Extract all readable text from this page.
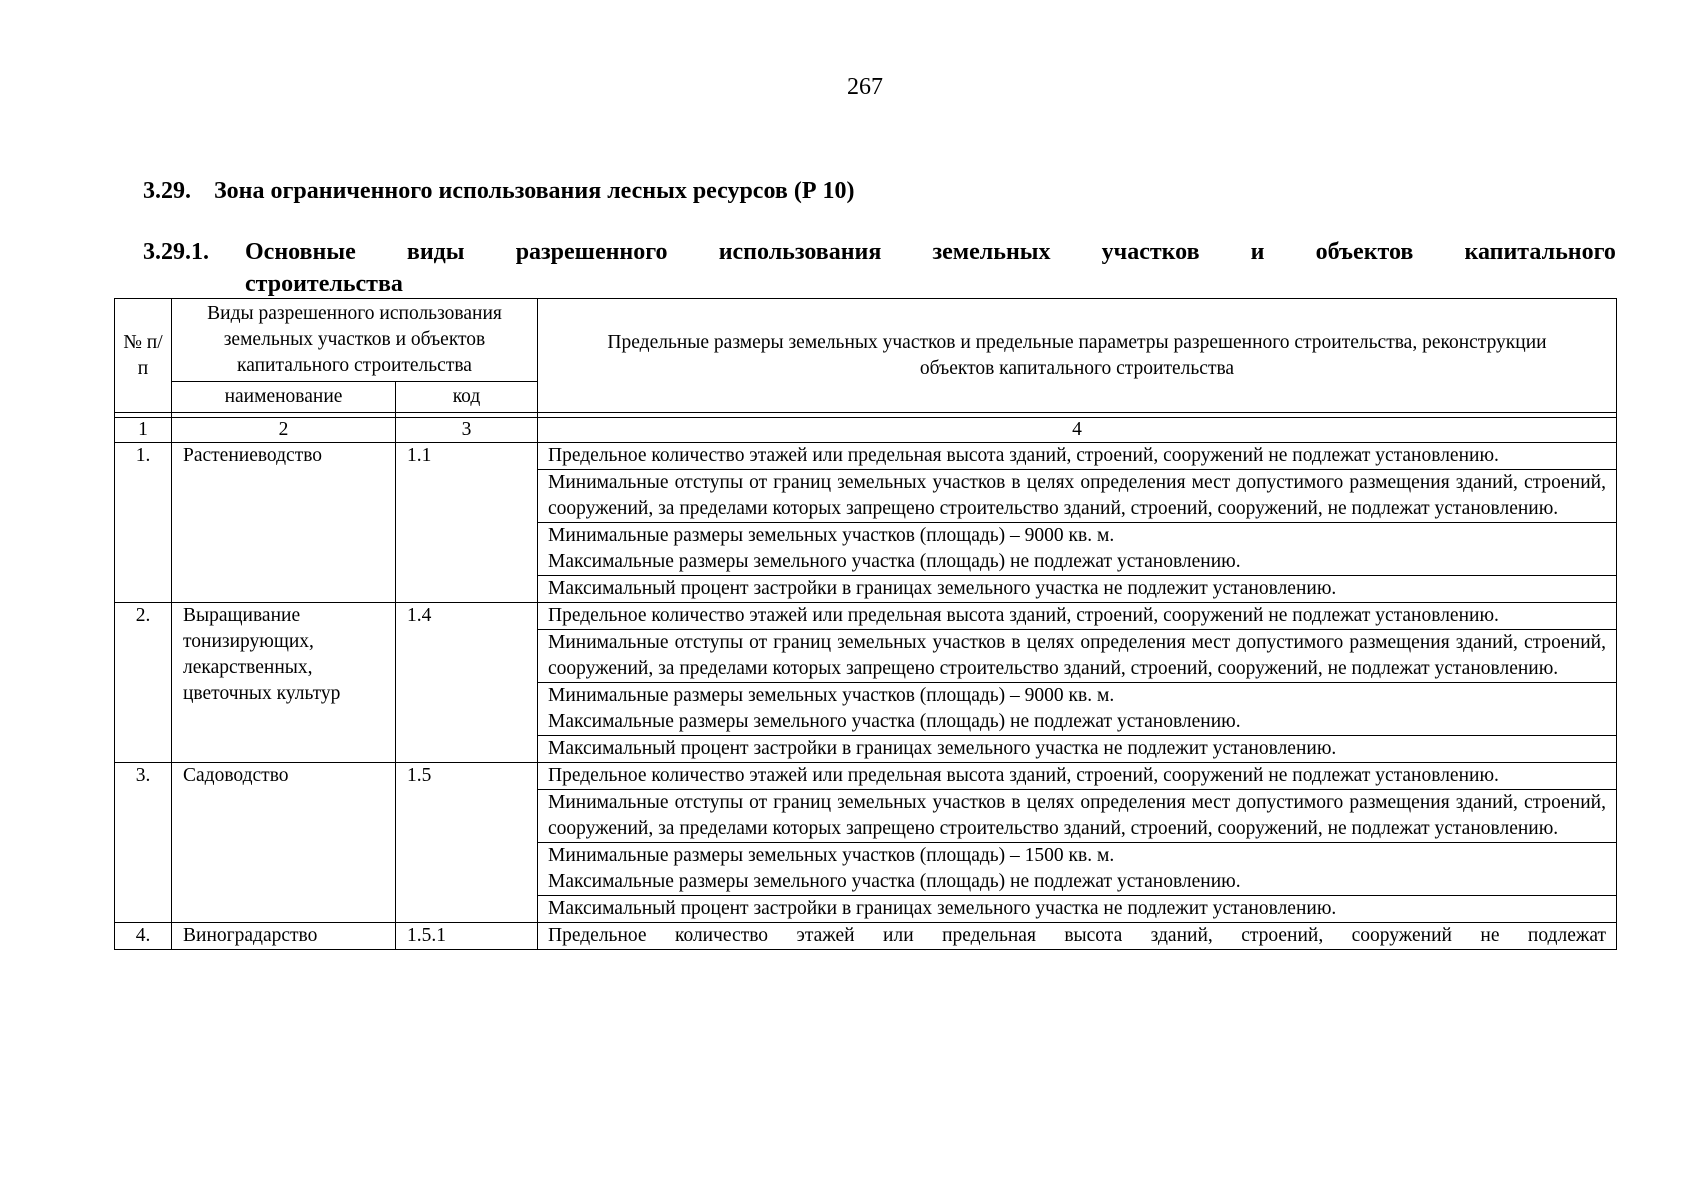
267
3.29. Зона ограниченного использования лесных ресурсов (Р 10)
3.29.1.	Основные виды разрешенного использования земельных участков и объектов капитального
строительства
№ п/п	Виды разрешенного использования земельных участков и объектов капитального строительства		Предельные размеры земельных участков и предельные параметры разрешенного строительства, реконструкции объектов капитального строительства
	наименование	код	

1	2	3	4
1.	Растениеводство	1.1	Предельное количество этажей или предельная высота зданий, строений, сооружений не подлежат установлению.
			Минимальные отступы от границ земельных участков в целях определения мест допустимого размещения зданий, строений, сооружений, за пределами которых запрещено строительство зданий, строений, сооружений, не подлежат установлению.
			Минимальные размеры земельных участков (площадь) – 9000 кв. м.
Максимальные размеры земельного участка (площадь) не подлежат установлению.
			Максимальный процент застройки в границах земельного участка не подлежит установлению.
2.	Выращивание тонизирующих, лекарственных, цветочных культур	1.4	Предельное количество этажей или предельная высота зданий, строений, сооружений не подлежат установлению.
			Минимальные отступы от границ земельных участков в целях определения мест допустимого размещения зданий, строений, сооружений, за пределами которых запрещено строительство зданий, строений, сооружений, не подлежат установлению.
			Минимальные размеры земельных участков (площадь) – 9000 кв. м.
Максимальные размеры земельного участка (площадь) не подлежат установлению.
			Максимальный процент застройки в границах земельного участка не подлежит установлению.
3.	Садоводство	1.5	Предельное количество этажей или предельная высота зданий, строений, сооружений не подлежат установлению.
			Минимальные отступы от границ земельных участков в целях определения мест допустимого размещения зданий, строений, сооружений, за пределами которых запрещено строительство зданий, строений, сооружений, не подлежат установлению.
			Минимальные размеры земельных участков (площадь) – 1500 кв. м.
Максимальные размеры земельного участка (площадь) не подлежат установлению.
			Максимальный процент застройки в границах земельного участка не подлежит установлению.
4.	Виноградарство	1.5.1	Предельное количество этажей или предельная высота зданий, строений, сооружений не подлежат
